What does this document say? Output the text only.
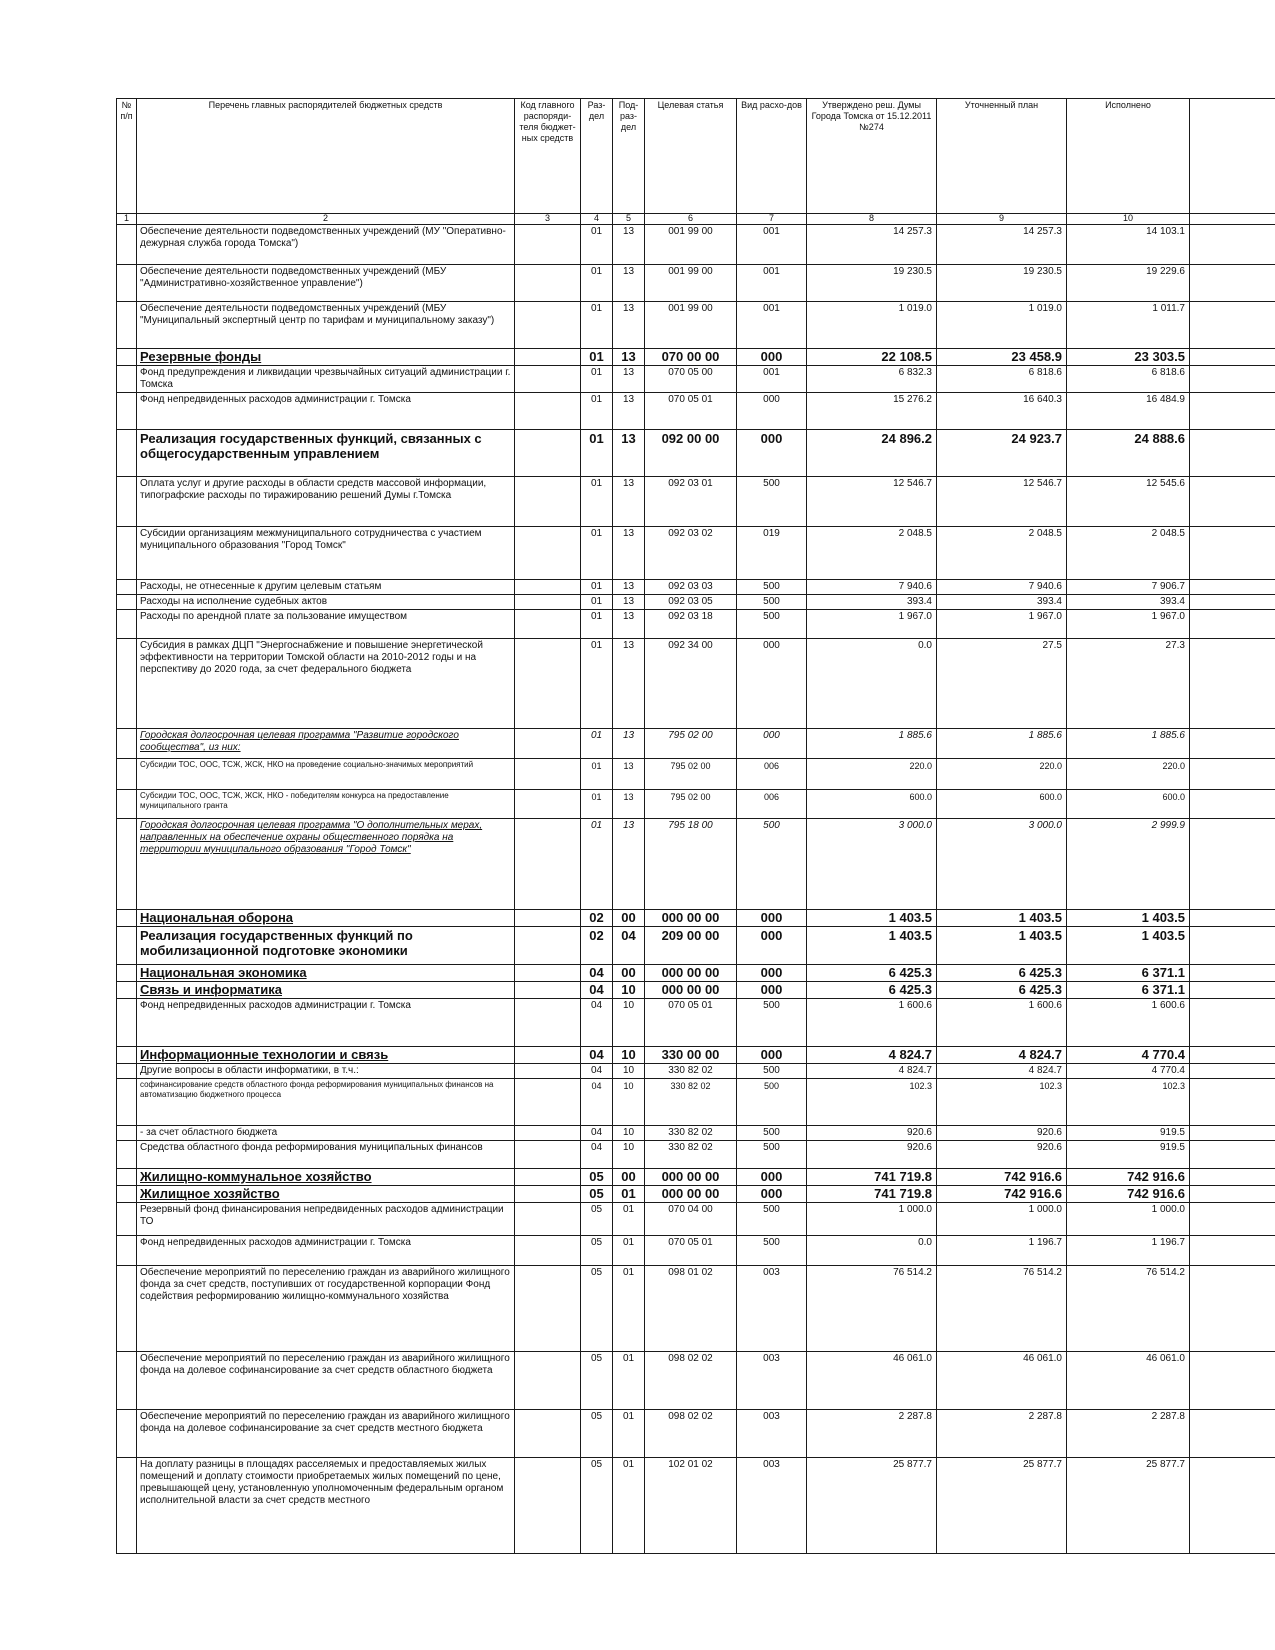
№ п/п	Перечень главных распорядителей бюджетных средств	Код главного распоряди-теля бюджет-ных средств	Раз-дел	Под-раз-дел	Целевая статья	Вид расхо-дов	Утверждено реш. Думы Города Томска от 15.12.2011 №274	Уточненный план	Исполнено	
1	2	3	4	5	6	7	8	9	10	
	Обеспечение деятельности подведомственных учреждений (МУ "Оперативно-дежурная служба города Томска")		01	13	001 99 00	001	14 257.3	14 257.3	14 103.1	
	Обеспечение деятельности подведомственных учреждений (МБУ "Административно-хозяйственное управление")		01	13	001 99 00	001	19 230.5	19 230.5	19 229.6	
	Обеспечение деятельности подведомственных учреждений (МБУ "Муниципальный экспертный центр по тарифам и муниципальному заказу")		01	13	001 99 00	001	1 019.0	1 019.0	1 011.7	
	Резервные фонды		01	13	070 00 00	000	22 108.5	23 458.9	23 303.5	
	Фонд предупреждения и ликвидации чрезвычайных ситуаций администрации г. Томска		01	13	070 05 00	001	6 832.3	6 818.6	6 818.6	
	Фонд непредвиденных расходов администрации г. Томска		01	13	070 05 01	000	15 276.2	16 640.3	16 484.9	
	Реализация государственных функций, связанных с общегосударственным управлением		01	13	092 00 00	000	24 896.2	24 923.7	24 888.6	
	Оплата услуг и другие расходы в области средств массовой информации, типографские расходы по тиражированию решений Думы г.Томска		01	13	092 03 01	500	12 546.7	12 546.7	12 545.6	
	Субсидии организациям межмуниципального сотрудничества с участием муниципального образования "Город Томск"		01	13	092 03 02	019	2 048.5	2 048.5	2 048.5	
	Расходы, не отнесенные к другим целевым статьям		01	13	092 03 03	500	7 940.6	7 940.6	7 906.7	
	Расходы на исполнение судебных актов		01	13	092 03 05	500	393.4	393.4	393.4	
	Расходы по арендной плате за пользование имуществом		01	13	092 03 18	500	1 967.0	1 967.0	1 967.0	
	Субсидия в рамках ДЦП "Энергоснабжение и повышение энергетической эффективности на территории Томской области на 2010-2012 годы и на перспективу до 2020 года, за счет федерального бюджета		01	13	092 34 00	000	0.0	27.5	27.3	
	Городская долгосрочная целевая программа "Развитие городского сообщества", из них:		01	13	795 02 00	000	1 885.6	1 885.6	1 885.6	
	Субсидии ТОС, ООС, ТСЖ, ЖСК, НКО на проведение социально-значимых мероприятий		01	13	795 02 00	006	220.0	220.0	220.0	
	Субсидии ТОС, ООС, ТСЖ, ЖСК, НКО - победителям конкурса на предоставление муниципального гранта		01	13	795 02 00	006	600.0	600.0	600.0	
	Городская долгосрочная целевая программа "О дополнительных мерах, направленных на обеспечение охраны общественного порядка на территории муниципального образования "Город Томск"		01	13	795 18 00	500	3 000.0	3 000.0	2 999.9	
	Национальная оборона		02	00	000 00 00	000	1 403.5	1 403.5	1 403.5	
	Реализация государственных функций по мобилизационной подготовке экономики		02	04	209 00 00	000	1 403.5	1 403.5	1 403.5	
	Национальная экономика		04	00	000 00 00	000	6 425.3	6 425.3	6 371.1	
	Связь и информатика		04	10	000 00 00	000	6 425.3	6 425.3	6 371.1	
	Фонд непредвиденных расходов администрации г. Томска		04	10	070 05 01	500	1 600.6	1 600.6	1 600.6	
	Информационные технологии и связь		04	10	330 00 00	000	4 824.7	4 824.7	4 770.4	
	Другие вопросы в области информатики, в т.ч.:		04	10	330 82 02	500	4 824.7	4 824.7	4 770.4	
	софинансирование средств областного фонда реформирования муниципальных финансов на автоматизацию бюджетного процесса		04	10	330 82 02	500	102.3	102.3	102.3	
	- за счет областного бюджета		04	10	330 82 02	500	920.6	920.6	919.5	
	Средства областного фонда реформирования муниципальных финансов		04	10	330 82 02	500	920.6	920.6	919.5	
	Жилищно-коммунальное хозяйство		05	00	000 00 00	000	741 719.8	742 916.6	742 916.6	
	Жилищное хозяйство		05	01	000 00 00	000	741 719.8	742 916.6	742 916.6	
	Резервный фонд финансирования непредвиденных расходов администрации ТО		05	01	070 04 00	500	1 000.0	1 000.0	1 000.0	
	Фонд непредвиденных расходов администрации г. Томска		05	01	070 05 01	500	0.0	1 196.7	1 196.7	
	Обеспечение мероприятий по переселению граждан из аварийного жилищного фонда за счет средств, поступивших от государственной корпорации Фонд содействия реформированию жилищно-коммунального хозяйства		05	01	098 01 02	003	76 514.2	76 514.2	76 514.2	
	Обеспечение мероприятий по переселению граждан из аварийного жилищного фонда на долевое софинансирование за счет средств областного бюджета		05	01	098 02 02	003	46 061.0	46 061.0	46 061.0	
	Обеспечение мероприятий по переселению граждан из аварийного жилищного фонда на долевое софинансирование за счет средств местного бюджета		05	01	098 02 02	003	2 287.8	2 287.8	2 287.8	
	На доплату разницы в площадях расселяемых и предоставляемых жилых помещений и доплату стоимости приобретаемых жилых помещений по цене, превышающей цену, установленную уполномоченным федеральным органом исполнительной власти за счет средств местного		05	01	102 01 02	003	25 877.7	25 877.7	25 877.7	
